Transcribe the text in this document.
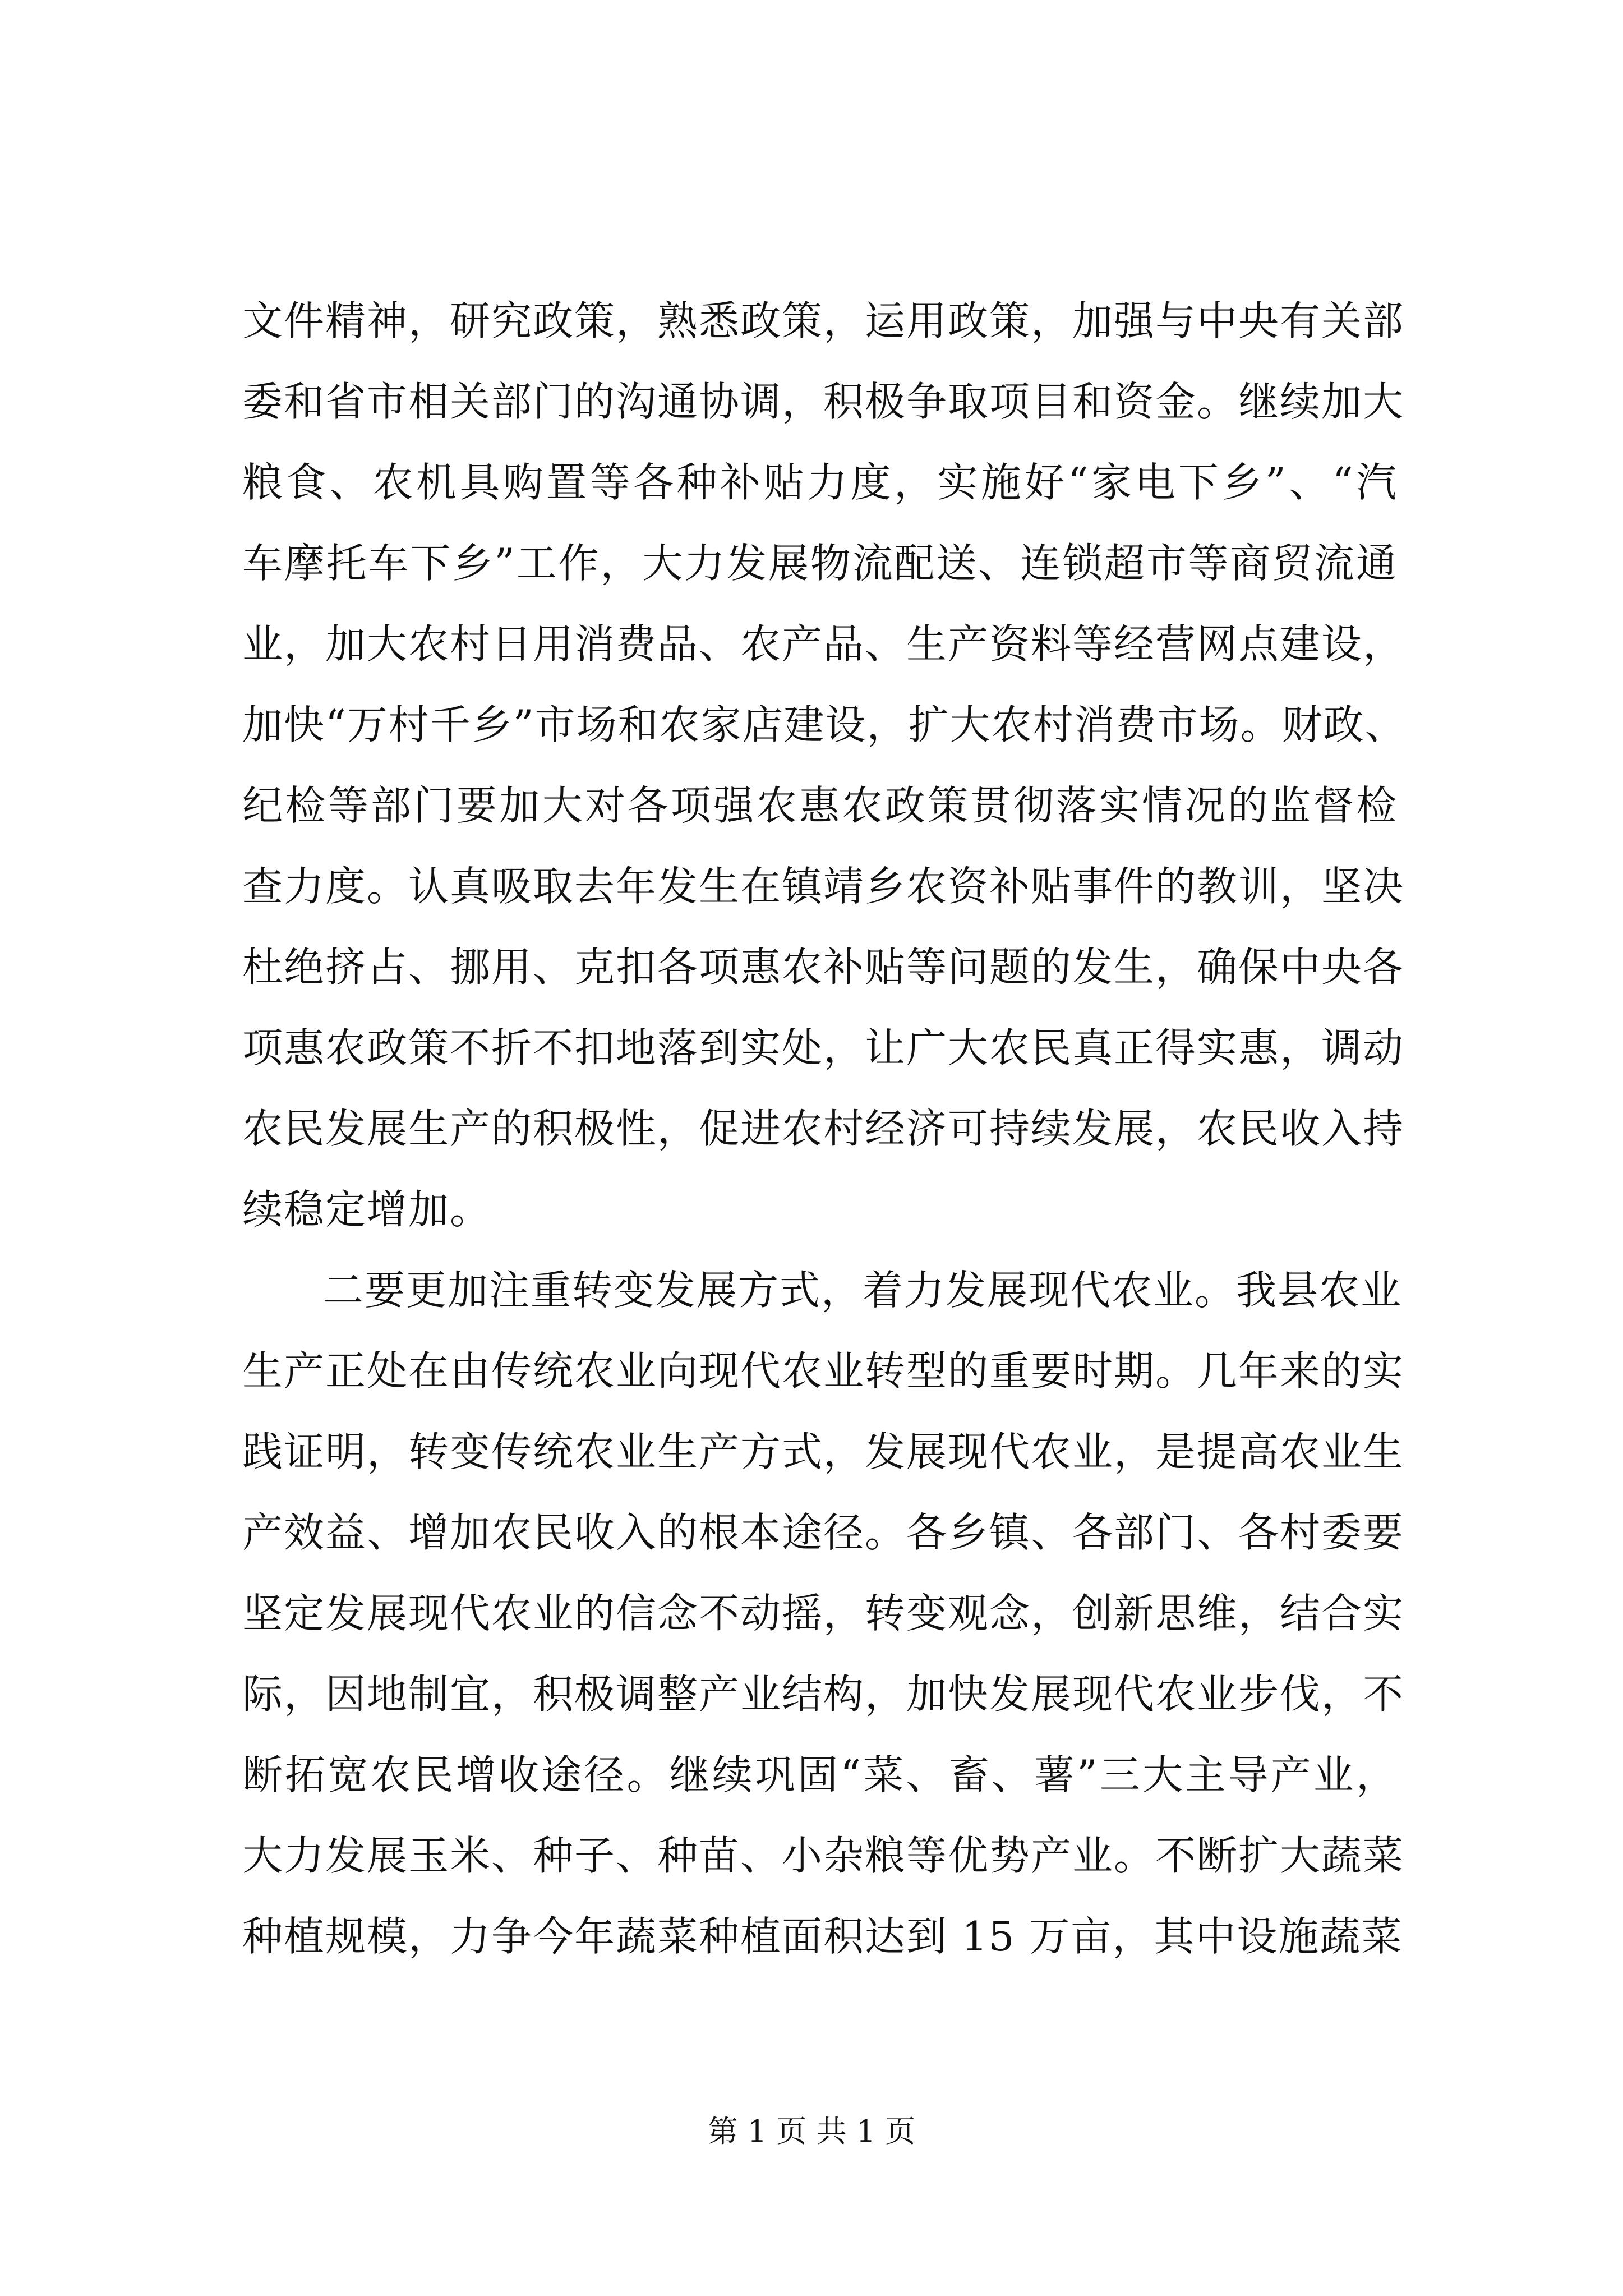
文件精神，研究政策，熟悉政策，运用政策，加强与中央有关部
委和省市相关部门的沟通协调，积极争取项目和资金。继续加大
粮食、农机具购置等各种补贴力度，实施好“家电下乡”、“汽
车摩托车下乡”工作，大力发展物流配送、连锁超市等商贸流通
业，加大农村日用消费品、农产品、生产资料等经营网点建设，
加快“万村千乡”市场和农家店建设，扩大农村消费市场。财政、
纪检等部门要加大对各项强农惠农政策贯彻落实情况的监督检
查力度。认真吸取去年发生在镇靖乡农资补贴事件的教训，坚决
杜绝挤占、挪用、克扣各项惠农补贴等问题的发生，确保中央各
项惠农政策不折不扣地落到实处，让广大农民真正得实惠，调动
农民发展生产的积极性，促进农村经济可持续发展，农民收入持
续稳定增加。
二要更加注重转变发展方式，着力发展现代农业。我县农业
生产正处在由传统农业向现代农业转型的重要时期。几年来的实
践证明，转变传统农业生产方式，发展现代农业，是提高农业生
产效益、增加农民收入的根本途径。各乡镇、各部门、各村委要
坚定发展现代农业的信念不动摇，转变观念，创新思维，结合实
际，因地制宜，积极调整产业结构，加快发展现代农业步伐，不
断拓宽农民增收途径。继续巩固“菜、畜、薯”三大主导产业，
大力发展玉米、种子、种苗、小杂粮等优势产业。不断扩大蔬菜
种植规模，力争今年蔬菜种植面积达到 15 万亩，其中设施蔬菜
第 1 页 共 1 页
